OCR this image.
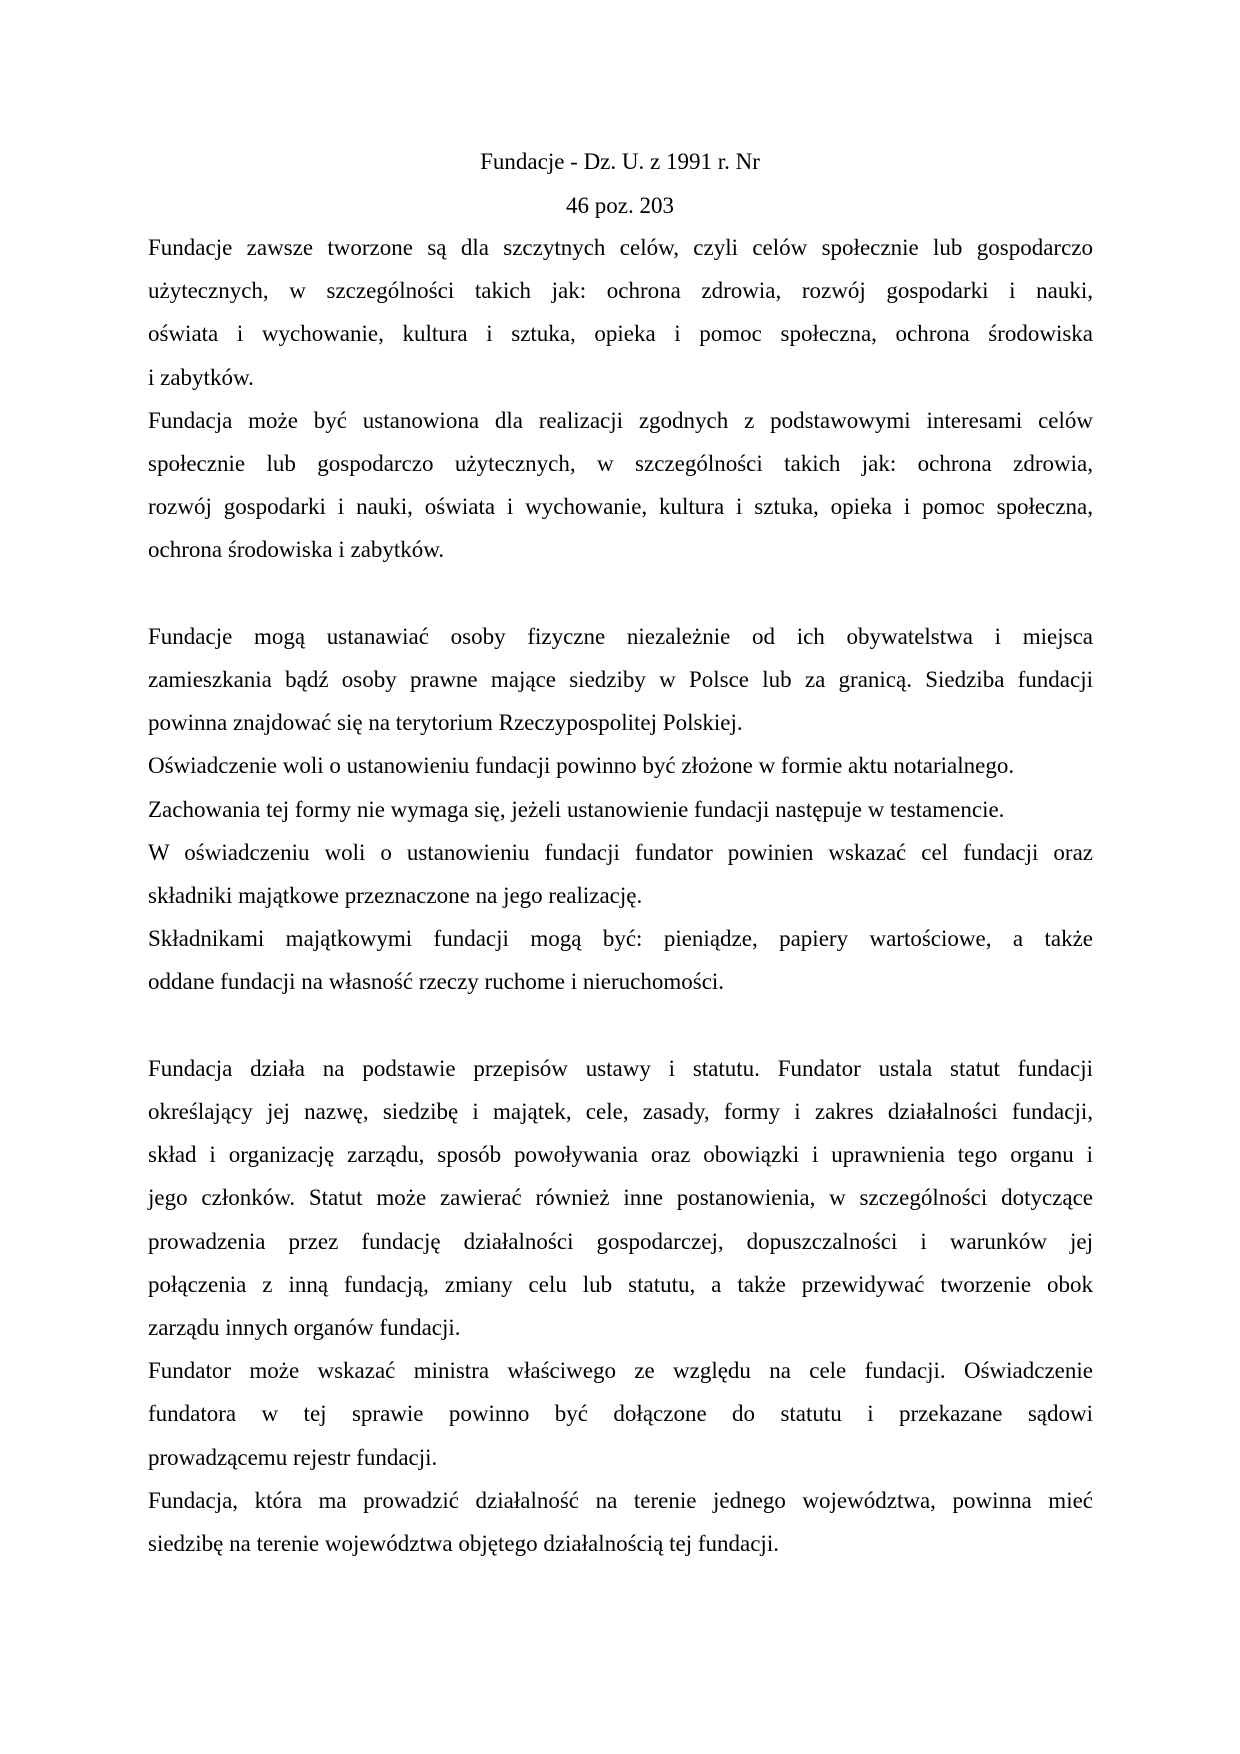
Fundacje - Dz. U. z 1991 r. Nr
46 poz. 203
Fundacje zawsze tworzone są dla szczytnych celów, czyli celów społecznie lub gospodarczo
użytecznych, w szczególności takich jak: ochrona zdrowia, rozwój gospodarki i nauki,
oświata i wychowanie, kultura i sztuka, opieka i pomoc społeczna, ochrona środowiska
i zabytków.
Fundacja może być ustanowiona dla realizacji zgodnych z podstawowymi interesami celów
społecznie lub gospodarczo użytecznych, w szczególności takich jak: ochrona zdrowia,
rozwój gospodarki i nauki, oświata i wychowanie, kultura i sztuka, opieka i pomoc społeczna,
ochrona środowiska i zabytków.
Fundacje mogą ustanawiać osoby fizyczne niezależnie od ich obywatelstwa i miejsca
zamieszkania bądź osoby prawne mające siedziby w Polsce lub za granicą. Siedziba fundacji
powinna znajdować się na terytorium Rzeczypospolitej Polskiej.
Oświadczenie woli o ustanowieniu fundacji powinno być złożone w formie aktu notarialnego.
Zachowania tej formy nie wymaga się, jeżeli ustanowienie fundacji następuje w testamencie.
W oświadczeniu woli o ustanowieniu fundacji fundator powinien wskazać cel fundacji oraz
składniki majątkowe przeznaczone na jego realizację.
Składnikami majątkowymi fundacji mogą być: pieniądze, papiery wartościowe, a także
oddane fundacji na własność rzeczy ruchome i nieruchomości.
Fundacja działa na podstawie przepisów ustawy i statutu. Fundator ustala statut fundacji
określający jej nazwę, siedzibę i majątek, cele, zasady, formy i zakres działalności fundacji,
skład i organizację zarządu, sposób powoływania oraz obowiązki i uprawnienia tego organu i
jego członków. Statut może zawierać również inne postanowienia, w szczególności dotyczące
prowadzenia przez fundację działalności gospodarczej, dopuszczalności i warunków jej
połączenia z inną fundacją, zmiany celu lub statutu, a także przewidywać tworzenie obok
zarządu innych organów fundacji.
Fundator może wskazać ministra właściwego ze względu na cele fundacji. Oświadczenie
fundatora w tej sprawie powinno być dołączone do statutu i przekazane sądowi
prowadzącemu rejestr fundacji.
Fundacja, która ma prowadzić działalność na terenie jednego województwa, powinna mieć
siedzibę na terenie województwa objętego działalnością tej fundacji.
